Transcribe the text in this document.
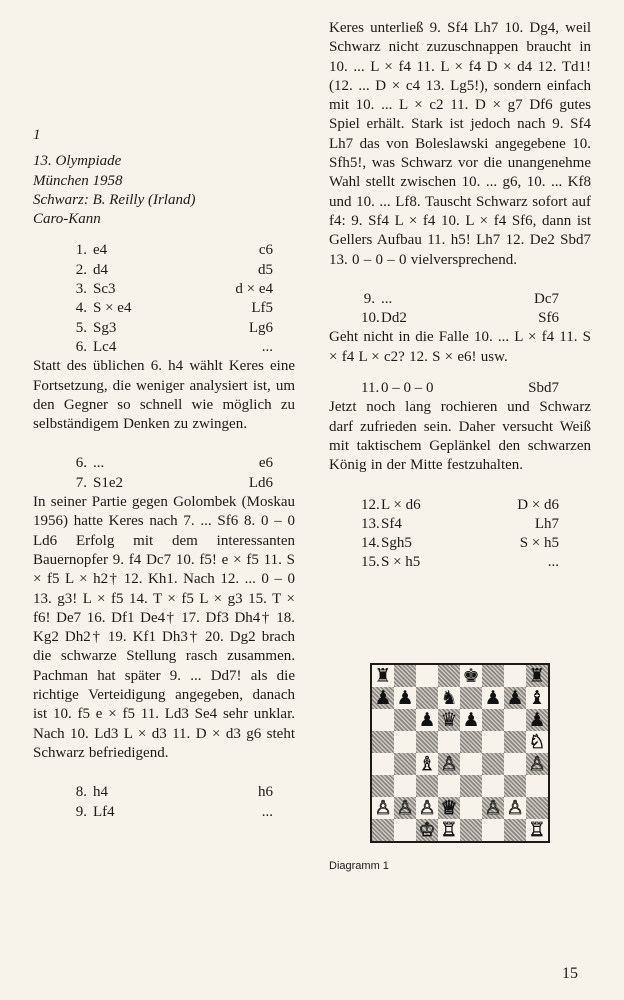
1

13. Olympiade

München 1958

Schwarz: B. Reilly (Irland)

Caro-Kann

1. e4	c6
2. d4	d5
3. Sc3	d × e4
4. S × e4	Lf5
5. Sg3	Lg6
6. Lc4	...

Statt des üblichen 6. h4 wählt Keres eine Fortsetzung, die weniger analysiert ist, um den Gegner so schnell wie möglich zu selbständigem Denken zu zwingen.

6. ...	e6
7. S1e2	Ld6

In seiner Partie gegen Golombek (Moskau 1956) hatte Keres nach 7. ... Sf6 8. 0 – 0 Ld6 Erfolg mit dem interessanten Bauernopfer 9. f4 Dc7 10. f5! e × f5 11. S × f5 L × h2† 12. Kh1. Nach 12. ... 0 – 0 13. g3! L × f5 14. T × f5 L × g3 15. T × f6! De7 16. Df1 De4† 17. Df3 Dh4† 18. Kg2 Dh2† 19. Kf1 Dh3† 20. Dg2 brach die schwarze Stellung rasch zusammen. Pachman hat später 9. ... Dd7! als die richtige Verteidigung angegeben, danach ist 10. f5 e × f5 11. Ld3 Se4 sehr unklar. Nach 10. Ld3 L × d3 11. D × d3 g6 steht Schwarz befriedigend.

8. h4	h6
9. Lf4	...

Keres unterließ 9. Sf4 Lh7 10. Dg4, weil Schwarz nicht zuzuschnappen braucht in 10. ... L × f4 11. L × f4 D × d4 12. Td1! (12. ... D × c4 13. Lg5!), sondern einfach mit 10. ... L × c2 11. D × g7 Df6 gutes Spiel erhält. Stark ist jedoch nach 9. Sf4 Lh7 das von Boleslawski angegebene 10. Sfh5!, was Schwarz vor die unangenehme Wahl stellt zwischen 10. ... g6, 10. ... Kf8 und 10. ... Lf8. Tauscht Schwarz sofort auf f4: 9. Sf4 L × f4 10. L × f4 Sf6, dann ist Gellers Aufbau 11. h5! Lh7 12. De2 Sbd7 13. 0 – 0 – 0 vielversprechend.

9. ...	Dc7
10.Dd2	Sf6

Geht nicht in die Falle 10. ... L × f4 11. S × f4 L × c2? 12. S × e6! usw.

11. 0 – 0 – 0	Sbd7

Jetzt noch lang rochieren und Schwarz darf zufrieden sein. Daher versucht Weiß mit taktischem Geplänkel den schwarzen König in der Mitte festzuhalten.

12.L × d6	D × d6
13.Sf4	Lh7
14.Sgh5	S × h5
15.S × h5	...
♜	♚	♜
♟ ♟ ♞ ♟ ♟ ♝
♟ ♛ ♟	♟
♘
♗ ♙	♙
♙ ♙ ♙ ♕ ♙ ♙
♔ ♖	♖
Diagramm 1
15
